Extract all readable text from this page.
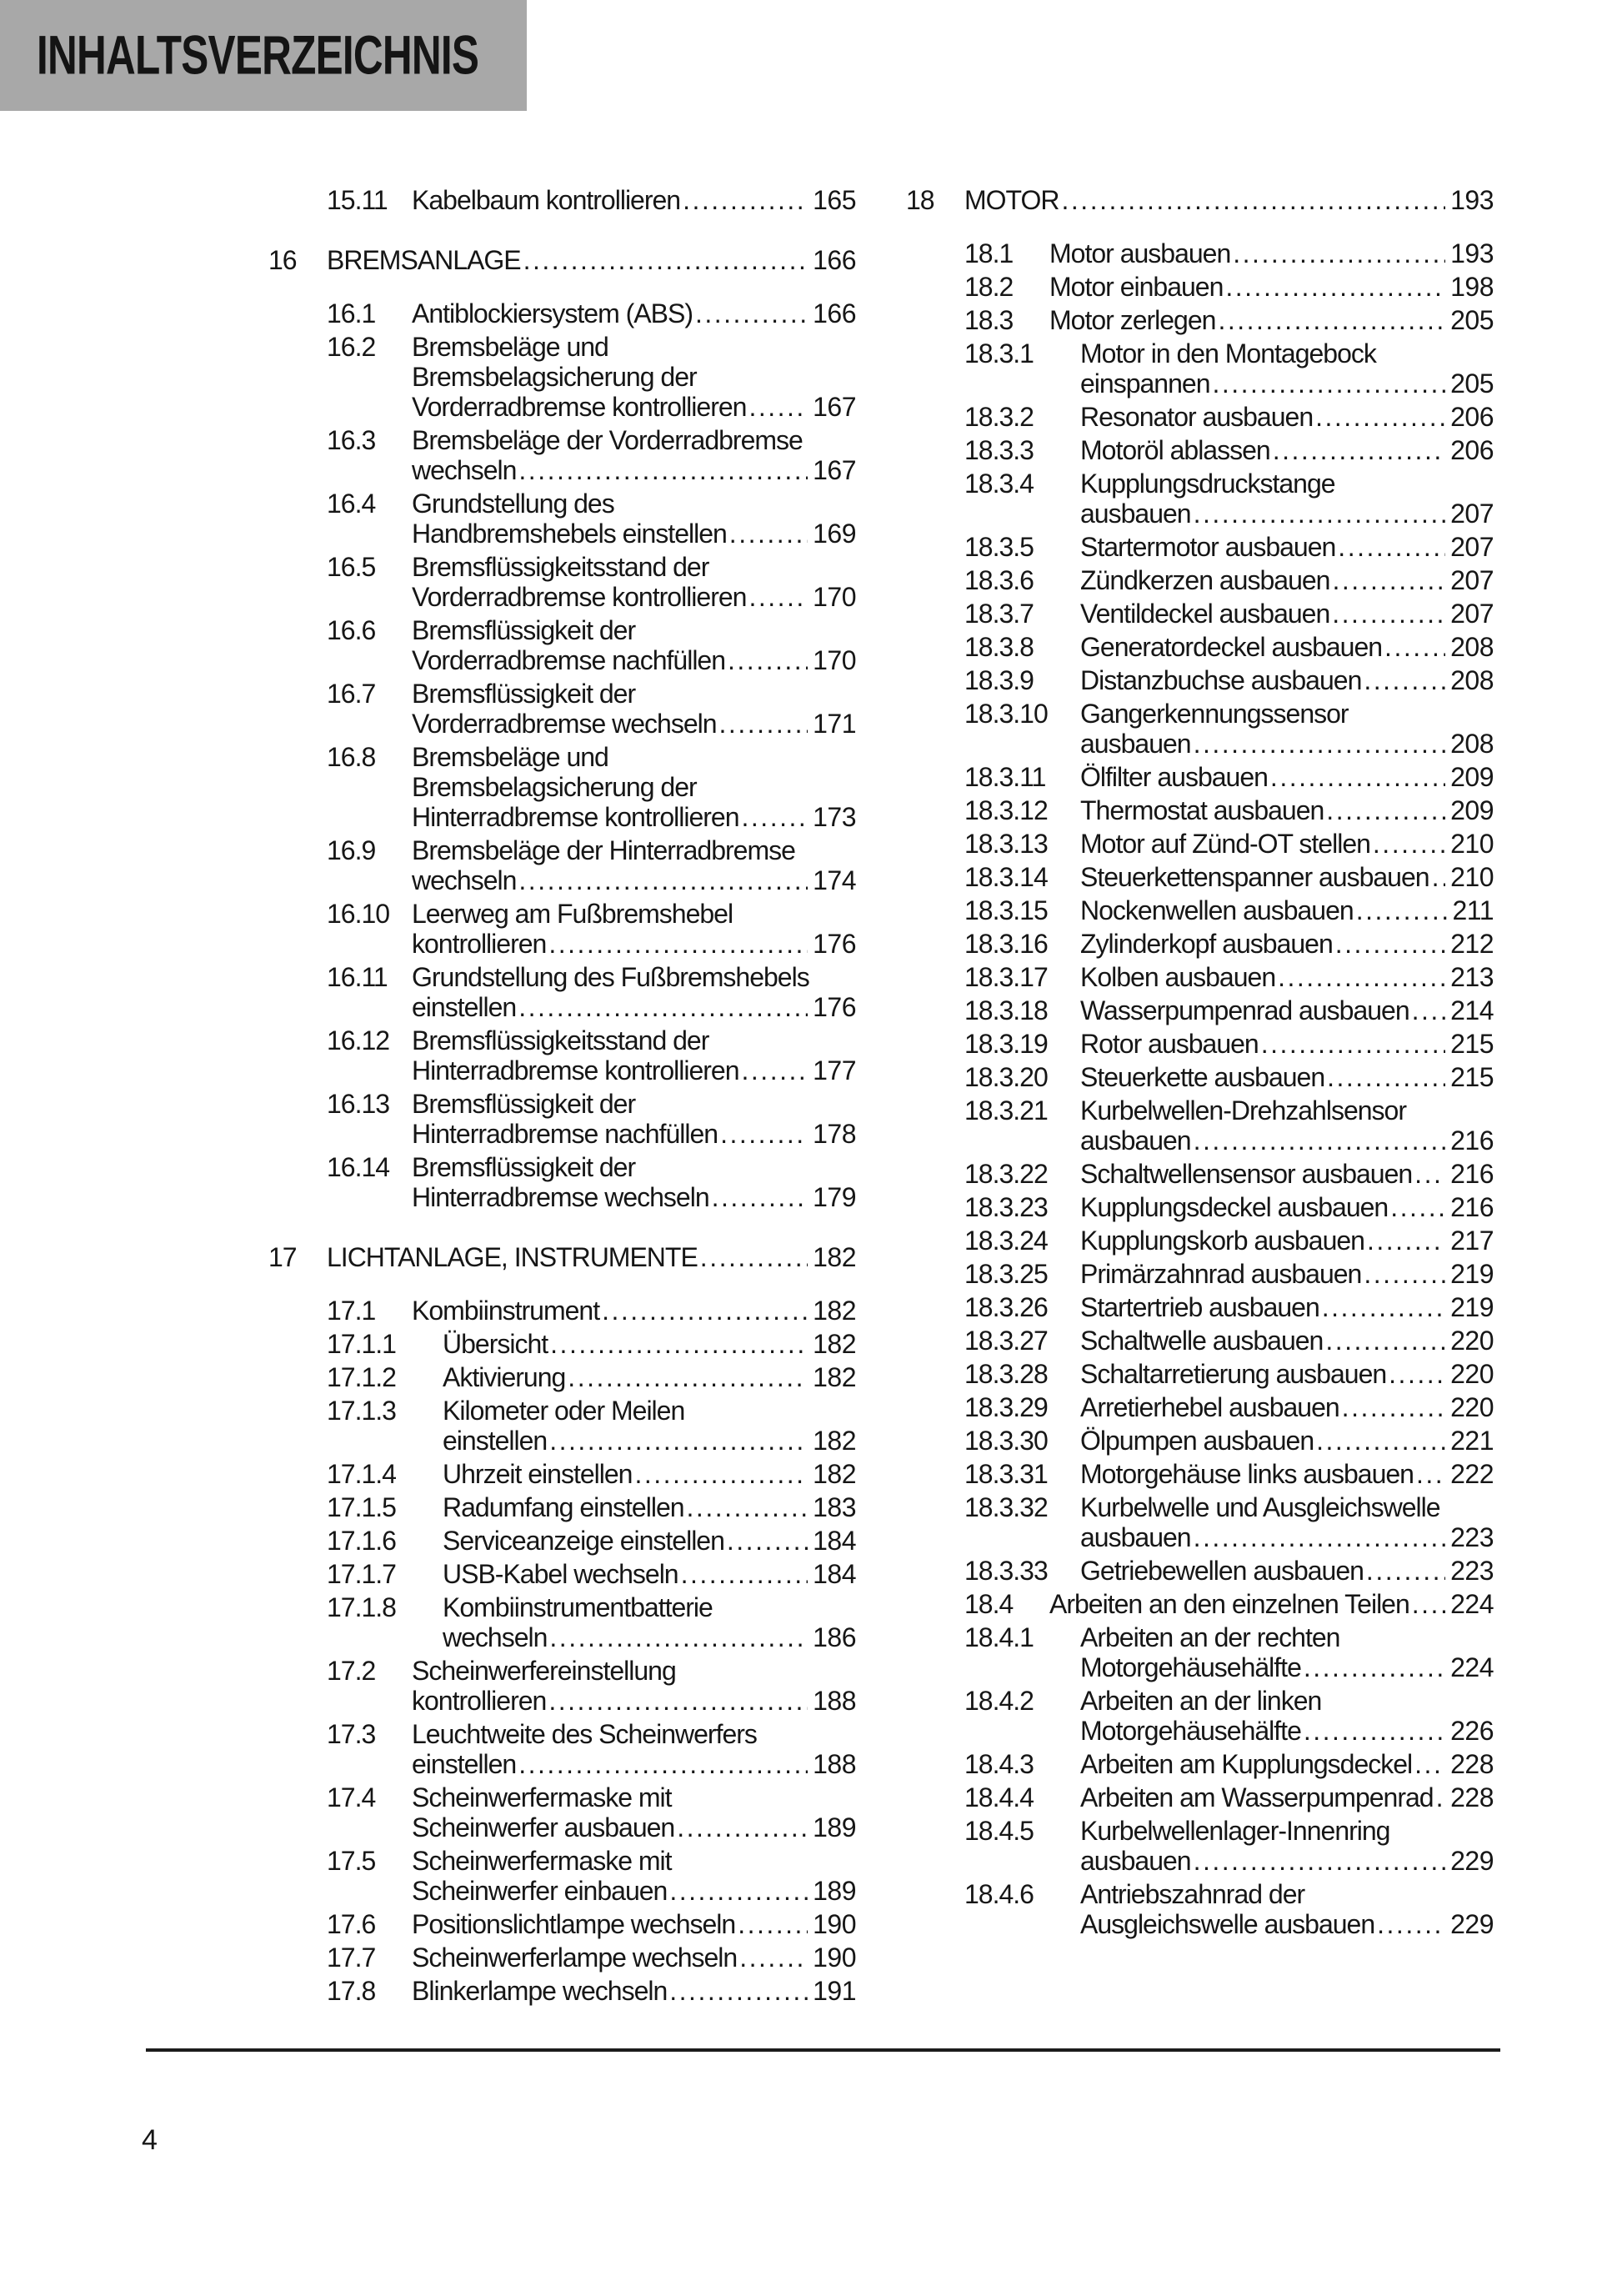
INHALTSVERZEICHNIS
15.11 Kabelbaum kontrollieren .....	165
16	BREMSANLAGE .....	166
16.1	Antiblockiersystem (ABS) .....	166
16.2	Bremsbeläge und
Bremsbelagsicherung der
Vorderradbremse kontrollieren ..... 167
16.3	Bremsbeläge der Vorderradbremse
wechseln .....	167
16.4	Grundstellung des
Handbremshebels einstellen .....	169
16.5	Bremsflüssigkeitsstand der
Vorderradbremse kontrollieren ..... 170
16.6	Bremsflüssigkeit der
Vorderradbremse nachfüllen .....	170
16.7	Bremsflüssigkeit der
Vorderradbremse wechseln .....	171
16.8	Bremsbeläge und
Bremsbelagsicherung der
Hinterradbremse kontrollieren .....	173
16.9	Bremsbeläge der Hinterradbremse
wechseln .....	174
16.10 Leerweg am Fußbremshebel
kontrollieren .....	176
16.11 Grundstellung des Fußbremshebels
einstellen .....	176
16.12 Bremsflüssigkeitsstand der
Hinterradbremse kontrollieren .....	177
16.13 Bremsflüssigkeit der
Hinterradbremse nachfüllen .....	178
16.14 Bremsflüssigkeit der
Hinterradbremse wechseln .....	179
17	LICHTANLAGE, INSTRUMENTE .....	182
17.1	Kombiinstrument .....	182
17.1.1	Übersicht .....	182
17.1.2	Aktivierung .....	182
17.1.3	Kilometer oder Meilen
einstellen .....	182
17.1.4	Uhrzeit einstellen .....	182
17.1.5	Radumfang einstellen .....	183
17.1.6	Serviceanzeige einstellen .....	184
17.1.7	USB-Kabel wechseln .....	184
17.1.8	Kombiinstrumentbatterie
wechseln .....	186
17.2	Scheinwerfereinstellung
kontrollieren .....	188
17.3	Leuchtweite des Scheinwerfers
einstellen .....	188
17.4	Scheinwerfermaske mit
Scheinwerfer ausbauen .....	189
17.5	Scheinwerfermaske mit
Scheinwerfer einbauen .....	189
17.6	Positionslichtlampe wechseln .....	190
17.7	Scheinwerferlampe wechseln .....	190
17.8	Blinkerlampe wechseln .....	191
18	MOTOR .....	193
18.1	Motor ausbauen .....	193
18.2	Motor einbauen .....	198
18.3	Motor zerlegen .....	205
18.3.1	Motor in den Montagebock
einspannen .....	205
18.3.2	Resonator ausbauen .....	206
18.3.3	Motoröl ablassen .....	206
18.3.4	Kupplungsdruckstange
ausbauen .....	207
18.3.5	Startermotor ausbauen .....	207
18.3.6	Zündkerzen ausbauen .....	207
18.3.7	Ventildeckel ausbauen .....	207
18.3.8	Generatordeckel ausbauen .....	208
18.3.9	Distanzbuchse ausbauen .....	208
18.3.10	Gangerkennungssensor
ausbauen .....	208
18.3.11	Ölfilter ausbauen .....	209
18.3.12	Thermostat ausbauen .....	209
18.3.13	Motor auf Zünd-OT stellen .....	210
18.3.14	Steuerkettenspanner ausbauen ..... 210
18.3.15	Nockenwellen ausbauen .....	211
18.3.16	Zylinderkopf ausbauen .....	212
18.3.17	Kolben ausbauen .....	213
18.3.18	Wasserpumpenrad ausbauen ..... 214
18.3.19	Rotor ausbauen .....	215
18.3.20	Steuerkette ausbauen .....	215
18.3.21	Kurbelwellen-Drehzahlsensor
ausbauen .....	216
18.3.22	Schaltwellensensor ausbauen ..... 216
18.3.23	Kupplungsdeckel ausbauen ..... 216
18.3.24	Kupplungskorb ausbauen .....	217
18.3.25	Primärzahnrad ausbauen .....	219
18.3.26	Startertrieb ausbauen .....	219
18.3.27	Schaltwelle ausbauen .....	220
18.3.28	Schaltarretierung ausbauen ..... 220
18.3.29	Arretierhebel ausbauen .....	220
18.3.30	Ölpumpen ausbauen .....	221
18.3.31	Motorgehäuse links ausbauen ..... 222
18.3.32	Kurbelwelle und Ausgleichswelle
ausbauen .....	223
18.3.33	Getriebewellen ausbauen .....	223
18.4	Arbeiten an den einzelnen Teilen ..... 224
18.4.1	Arbeiten an der rechten
Motorgehäusehälfte .....	224
18.4.2	Arbeiten an der linken
Motorgehäusehälfte .....	226
18.4.3	Arbeiten am Kupplungsdeckel ..... 228
18.4.4	Arbeiten am Wasserpumpenrad ..... 228
18.4.5	Kurbelwellenlager-Innenring
ausbauen .....	229
18.4.6	Antriebszahnrad der
Ausgleichswelle ausbauen .....	229
4
